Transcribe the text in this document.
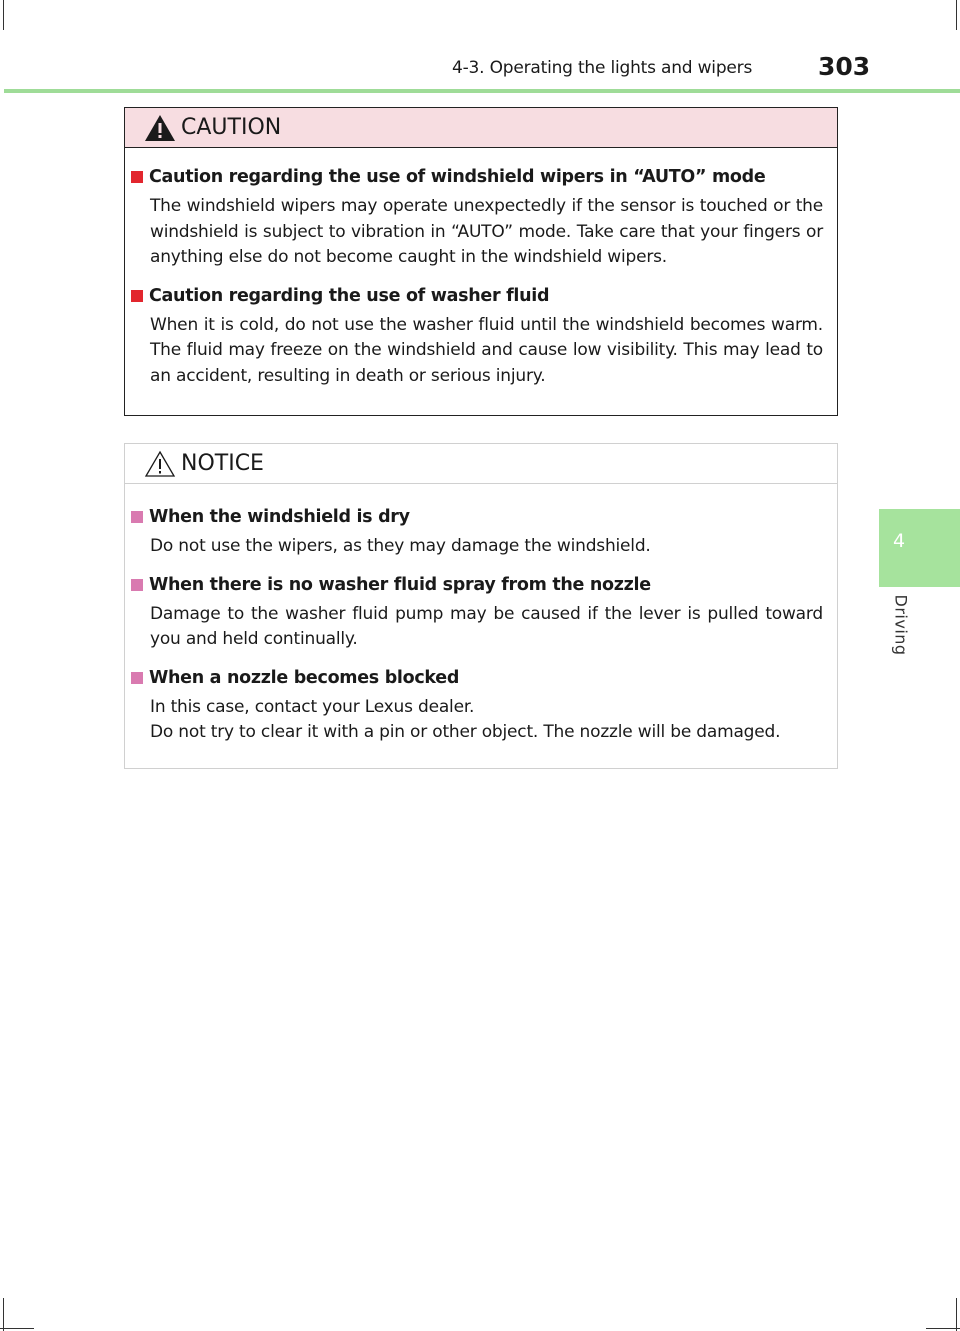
4-3. Operating the lights and wipers	303
4
Driving
CAUTION
Caution regarding the use of windshield wipers in “AUTO” mode
The windshield wipers may operate unexpectedly if the sensor is touched or the windshield is subject to vibration in “AUTO” mode. Take care that your fingers or anything else do not become caught in the windshield wipers.
Caution regarding the use of washer fluid
When it is cold, do not use the washer fluid until the windshield becomes warm. The fluid may freeze on the windshield and cause low visibility. This may lead to an accident, resulting in death or serious injury.
NOTICE
When the windshield is dry

Do not use the wipers, as they may damage the windshield.

When there is no washer fluid spray from the nozzle

Damage to the washer fluid pump may be caused if the lever is pulled toward you and held continually.

When a nozzle becomes blocked

In this case, contact your Lexus dealer.

Do not try to clear it with a pin or other object. The nozzle will be damaged.
